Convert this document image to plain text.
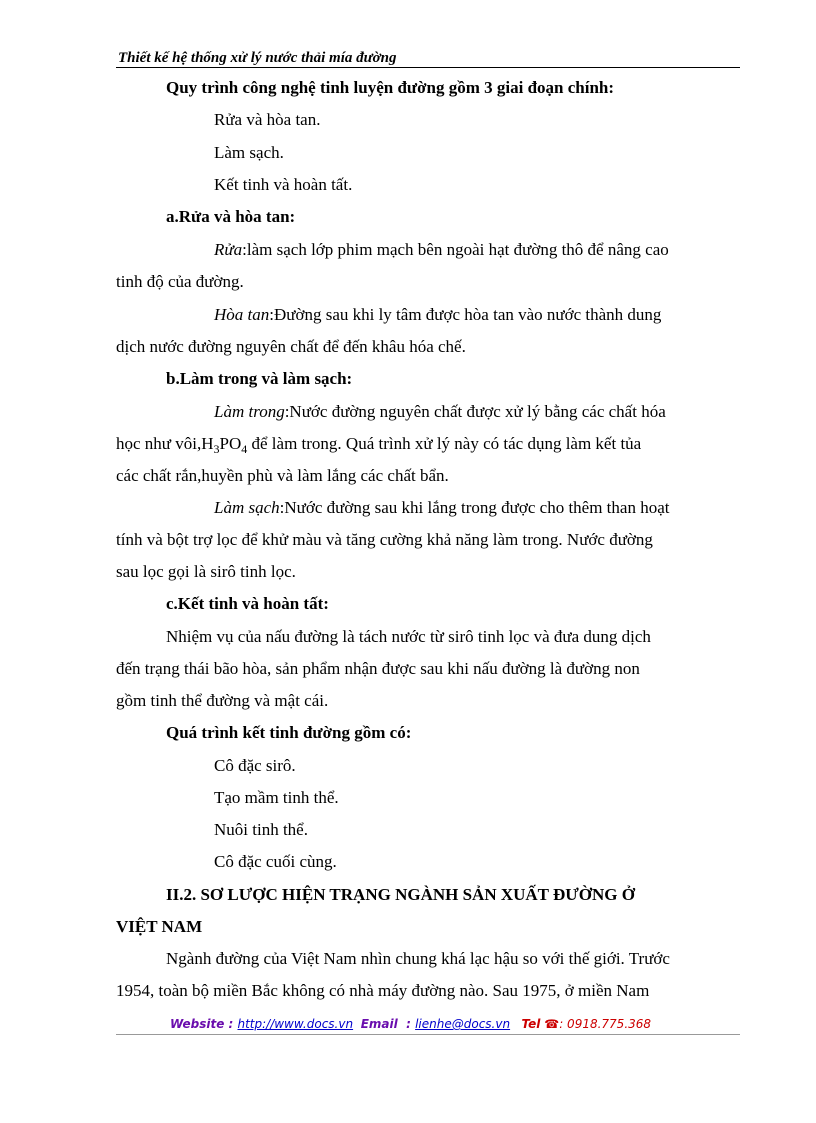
Thiết kế hệ thống xử lý nước thải mía đường
Quy trình công nghệ tinh luyện đường gồm 3 giai đoạn chính:
Rửa và hòa tan.
Làm sạch.
Kết tinh và hoàn tất.
a.Rửa và hòa tan:
Rửa:làm sạch lớp phim mạch bên ngoài hạt đường thô để nâng cao
tinh độ của đường.
Hòa tan:Đường sau khi ly tâm được hòa tan vào nước thành dung
dịch nước đường nguyên chất để đến khâu hóa chế.
b.Làm trong và làm sạch:
Làm trong:Nước đường nguyên chất được xử lý bằng các chất hóa
học như $vôi,H_3PO_4$ để làm trong. Quá trình xử lý này có tác dụng làm kết tủa
các chất rắn,huyền phù và làm lắng các chất bẩn.
Làm sạch:Nước đường sau khi lắng trong được cho thêm than hoạt
tính và bột trợ lọc để khử màu và tăng cường khả năng làm trong. Nước đường
sau lọc gọi là sirô tinh lọc.
c.Kết tinh và hoàn tất:
Nhiệm vụ của nấu đường là tách nước từ sirô tinh lọc và đưa dung dịch
đến trạng thái bão hòa, sản phẩm nhận được sau khi nấu đường là đường non
gồm tinh thể đường và mật cái.
Quá trình kết tinh đường gồm có:
Cô đặc sirô.
Tạo mầm tinh thể.
Nuôi tinh thể.
Cô đặc cuối cùng.
II.2. SƠ LƯỢC HIỆN TRẠNG NGÀNH SẢN XUẤT ĐƯỜNG Ở
VIỆT NAM
Ngành đường của Việt Nam nhìn chung khá lạc hậu so với thế giới. Trước
1954, toàn bộ miền Bắc không có nhà máy đường nào. Sau 1975, ở miền Nam
Website : http://www.docs.vn Email  : lienhe@docs.vn Tel ☎: 0918.775.368
